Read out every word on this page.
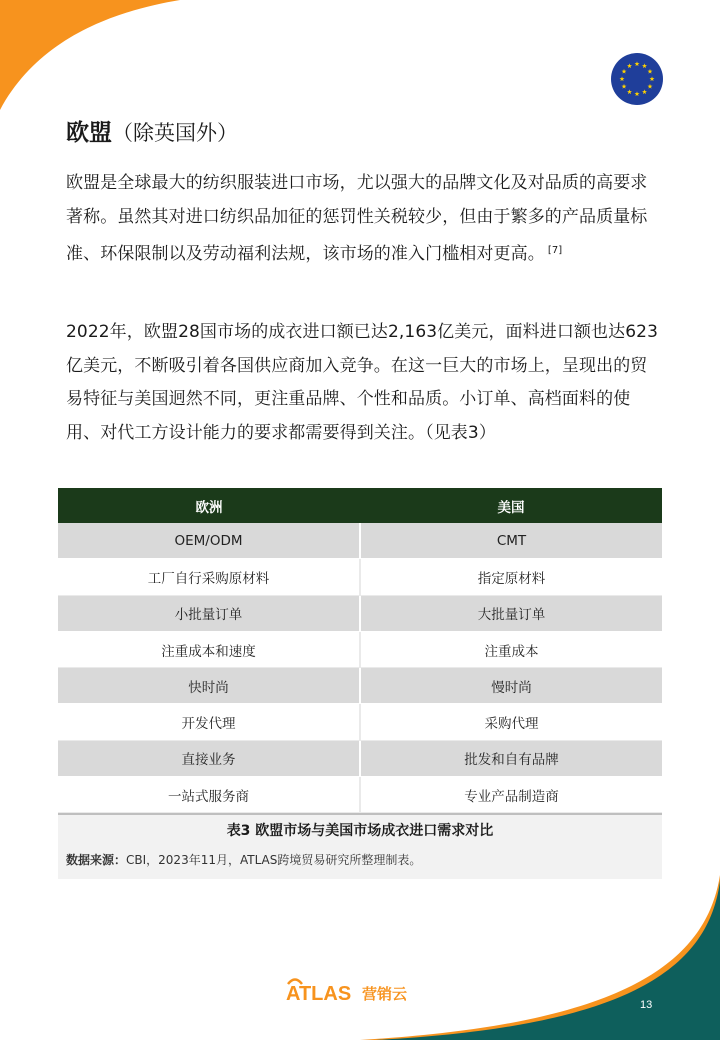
欧盟（除英国外）

欧盟是全球最大的纺织服装进口市场，尤以强大的品牌文化及对品质的高要求著称。虽然其对进口纺织品加征的惩罚性关税较少，但由于繁多的产品质量标准、环保限制以及劳动福利法规，该市场的准入门槛相对更高。 [7]

2022年，欧盟28国市场的成衣进口额已达2,163亿美元，面料进口额也达623亿美元，不断吸引着各国供应商加入竞争。在这一巨大的市场上，呈现出的贸易特征与美国迥然不同，更注重品牌、个性和品质。小订单、高档面料的使用、对代工方设计能力的要求都需要得到关注。（见表3）

欧洲	美国
OEM/ODM	CMT
工厂自行采购原材料	指定原材料
小批量订单	大批量订单
注重成本和速度	注重成本
快时尚	慢时尚
开发代理	采购代理
直接业务	批发和自有品牌
一站式服务商	专业产品制造商
表3 欧盟市场与美国市场成衣进口需求对比
数据来源：CBI，2023年11月，ATLAS跨境贸易研究所整理制表。
ATLAS 营销云
13
